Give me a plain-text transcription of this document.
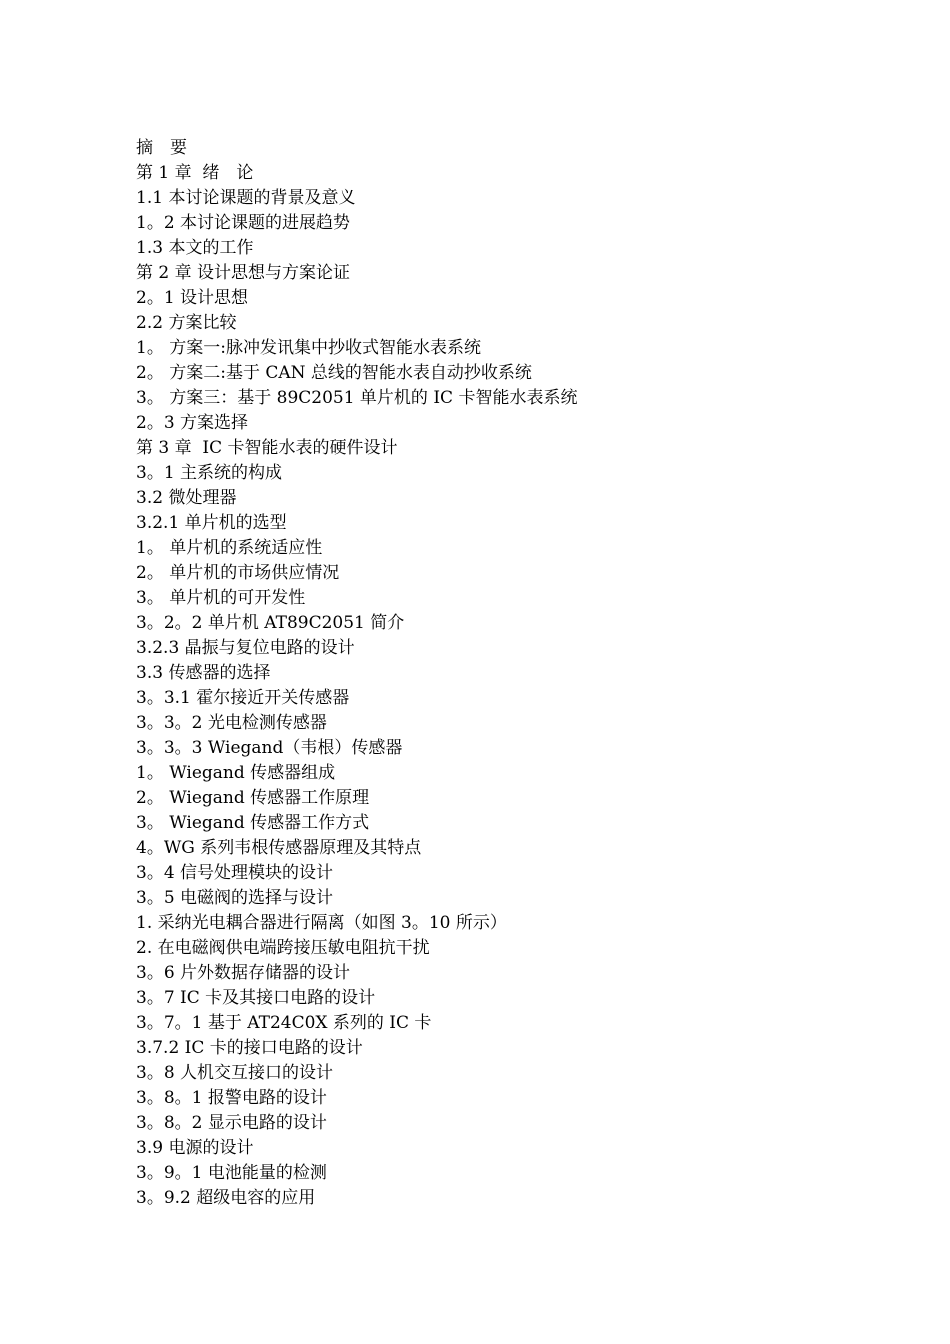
摘　要
第 1 章  绪　论
1.1 本讨论课题的背景及意义
1。2 本讨论课题的进展趋势
1.3 本文的工作
第 2 章 设计思想与方案论证
2。1 设计思想
2.2 方案比较
1。 方案一:脉冲发讯集中抄收式智能水表系统
2。 方案二:基于 CAN 总线的智能水表自动抄收系统
3。 方案三：基于 89C2051 单片机的 IC 卡智能水表系统
2。3 方案选择
第 3 章  IC 卡智能水表的硬件设计
3。1 主系统的构成
3.2 微处理器
3.2.1 单片机的选型
1。 单片机的系统适应性
2。 单片机的市场供应情况
3。 单片机的可开发性
3。2。2 单片机 AT89C2051 简介
3.2.3 晶振与复位电路的设计
3.3 传感器的选择
3。3.1 霍尔接近开关传感器
3。3。2 光电检测传感器
3。3。3 Wiegand（韦根）传感器
1。 Wiegand 传感器组成
2。 Wiegand 传感器工作原理
3。 Wiegand 传感器工作方式
4。WG 系列韦根传感器原理及其特点
3。4 信号处理模块的设计
3。5 电磁阀的选择与设计
1. 采纳光电耦合器进行隔离（如图 3。10 所示）
2. 在电磁阀供电端跨接压敏电阻抗干扰
3。6 片外数据存储器的设计
3。7 IC 卡及其接口电路的设计
3。7。1 基于 AT24C0X 系列的 IC 卡
3.7.2 IC 卡的接口电路的设计
3。8 人机交互接口的设计
3。8。1 报警电路的设计
3。8。2 显示电路的设计
3.9 电源的设计
3。9。1 电池能量的检测
3。9.2 超级电容的应用
